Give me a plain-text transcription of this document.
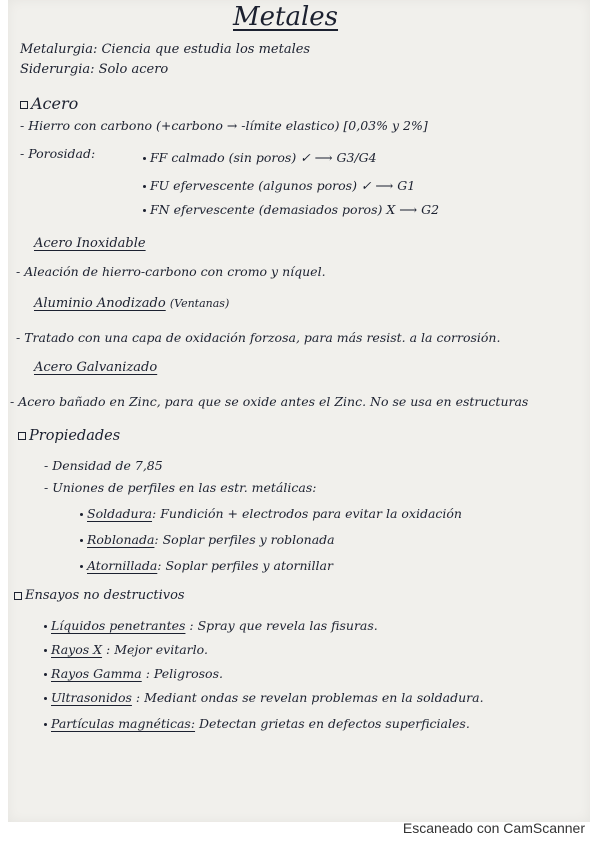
Metales
Metalurgia: Ciencia que estudia los metales
Siderurgia: Solo acero
Acero
- Hierro con carbono (+carbono → -límite elastico) [0,03% y 2%]
- Porosidad:	FF calmado (sin poros) ✓ ⟶ G3/G4
FU efervescente (algunos poros) ✓ ⟶ G1
FN efervescente (demasiados poros) X ⟶ G2
Acero Inoxidable
- Aleación de hierro-carbono con cromo y níquel.
Aluminio Anodizado (Ventanas)
- Tratado con una capa de oxidación forzosa, para más resist. a la corrosión.
Acero Galvanizado
- Acero bañado en Zinc, para que se oxide antes el Zinc. No se usa en estructuras
Propiedades
- Densidad de 7,85
- Uniones de perfiles en las estr. metálicas:
Soldadura: Fundición + electrodos para evitar la oxidación
Roblonada: Soplar perfiles y roblonada
Atornillada: Soplar perfiles y atornillar
Ensayos no destructivos
Líquidos penetrantes : Spray que revela las fisuras.
Rayos X : Mejor evitarlo.
Rayos Gamma : Peligrosos.
Ultrasonidos : Mediant ondas se revelan problemas en la soldadura.
Partículas magnéticas: Detectan grietas en defectos superficiales.
Escaneado con CamScanner
